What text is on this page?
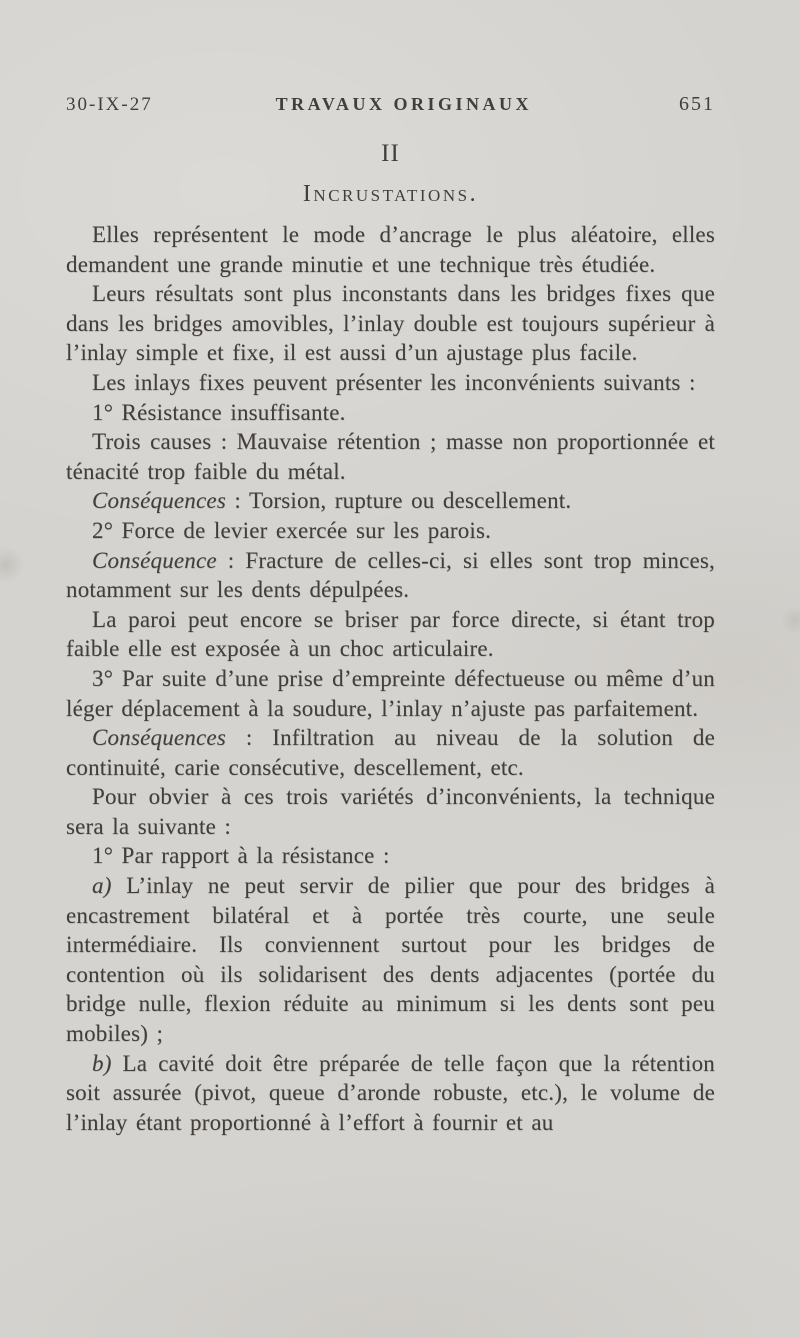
30-IX-27	TRAVAUX ORIGINAUX	651
II
Incrustations.

Elles représentent le mode d’ancrage le plus aléatoire, elles demandent une grande minutie et une technique très étudiée.

Leurs résultats sont plus inconstants dans les bridges fixes que dans les bridges amovibles, l’inlay double est toujours supérieur à l’inlay simple et fixe, il est aussi d’un ajustage plus facile.

Les inlays fixes peuvent présenter les inconvénients suivants :

1° Résistance insuffisante.

Trois causes : Mauvaise rétention ; masse non proportionnée et ténacité trop faible du métal.

Conséquences : Torsion, rupture ou descellement.

2° Force de levier exercée sur les parois.

Conséquence : Fracture de celles-ci, si elles sont trop minces, notamment sur les dents dépulpées.

La paroi peut encore se briser par force directe, si étant trop faible elle est exposée à un choc articulaire.

3° Par suite d’une prise d’empreinte défectueuse ou même d’un léger déplacement à la soudure, l’inlay n’ajuste pas parfaitement.

Conséquences : Infiltration au niveau de la solution de continuité, carie consécutive, descellement, etc.

Pour obvier à ces trois variétés d’inconvénients, la technique sera la suivante :

1° Par rapport à la résistance :

a) L’inlay ne peut servir de pilier que pour des bridges à encastrement bilatéral et à portée très courte, une seule intermédiaire. Ils conviennent surtout pour les bridges de contention où ils solidarisent des dents adjacentes (portée du bridge nulle, flexion réduite au minimum si les dents sont peu mobiles) ;

b) La cavité doit être préparée de telle façon que la rétention soit assurée (pivot, queue d’aronde robuste, etc.), le volume de l’inlay étant proportionné à l’effort à fournir et au
